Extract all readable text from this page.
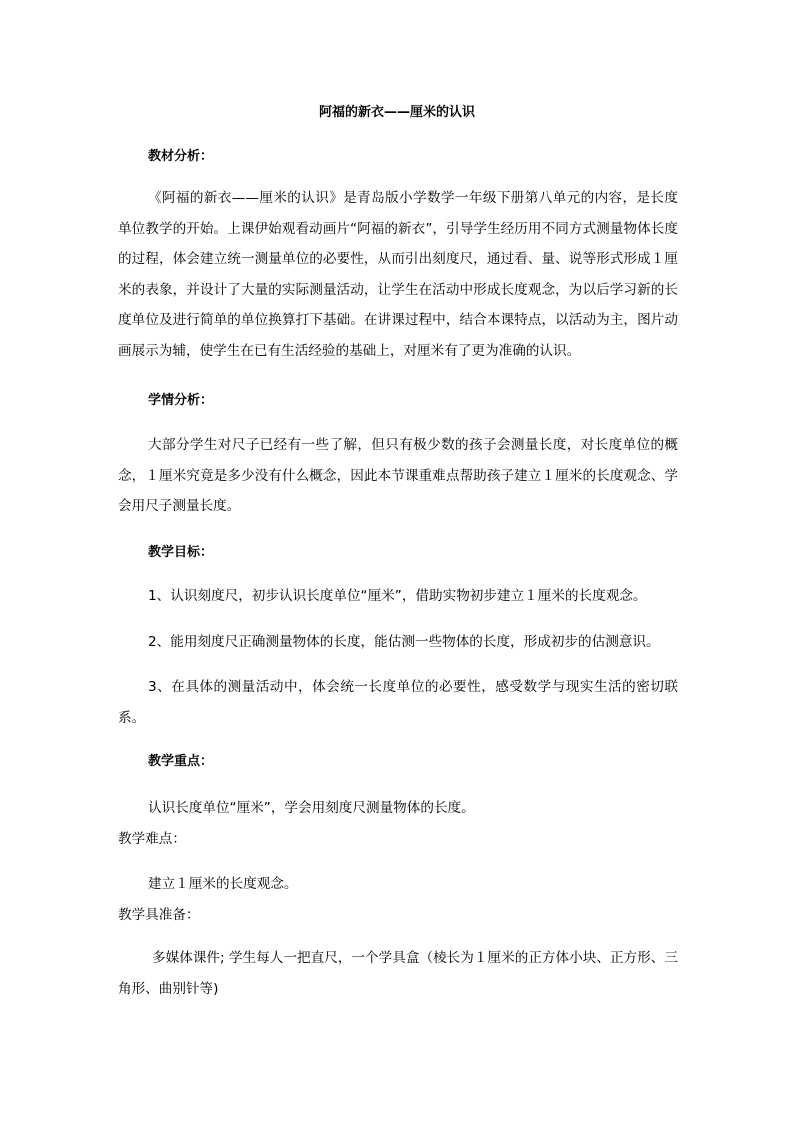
阿福的新衣——厘米的认识
教材分析：
《阿福的新衣——厘米的认识》是青岛版小学数学一年级下册第八单元的内容，是长度单位教学的开始。上课伊始观看动画片“阿福的新衣”，引导学生经历用不同方式测量物体长度的过程，体会建立统一测量单位的必要性，从而引出刻度尺，通过看、量、说等形式形成１厘米的表象，并设计了大量的实际测量活动，让学生在活动中形成长度观念，为以后学习新的长度单位及进行简单的单位换算打下基础。在讲课过程中，结合本课特点，以活动为主，图片动画展示为辅，使学生在已有生活经验的基础上，对厘米有了更为准确的认识。
学情分析：
大部分学生对尺子已经有一些了解，但只有极少数的孩子会测量长度，对长度单位的概念，１厘米究竟是多少没有什么概念，因此本节课重难点帮助孩子建立１厘米的长度观念、学会用尺子测量长度。
教学目标：
1、认识刻度尺，初步认识长度单位“厘米”，借助实物初步建立１厘米的长度观念。
2、能用刻度尺正确测量物体的长度，能估测一些物体的长度，形成初步的估测意识。
3、在具体的测量活动中，体会统一长度单位的必要性，感受数学与现实生活的密切联系。
教学重点：
认识长度单位“厘米”，学会用刻度尺测量物体的长度。
教学难点：
建立１厘米的长度观念。
教学具准备：
多媒体课件; 学生每人一把直尺，一个学具盒（棱长为１厘米的正方体小块、正方形、三角形、曲别针等)
